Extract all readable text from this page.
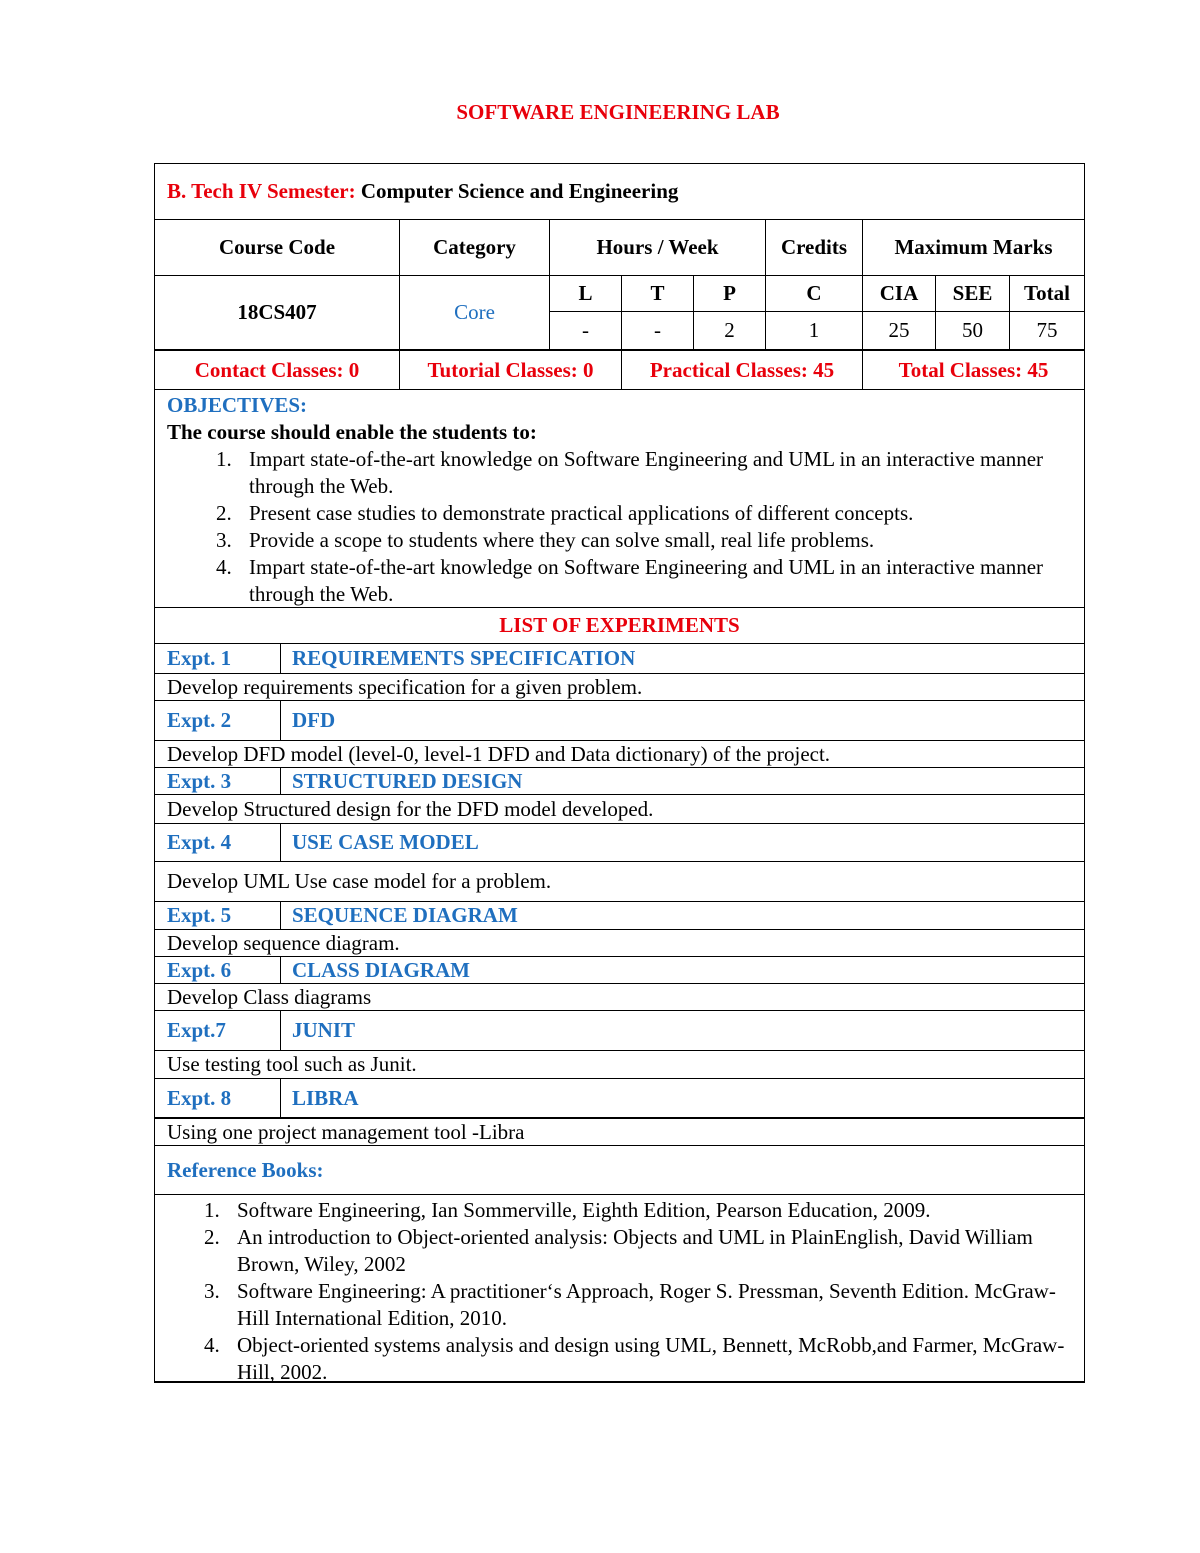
SOFTWARE ENGINEERING LAB
B. Tech IV Semester:
Computer Science and Engineering
Course Code	Category	Hours / Week	Credits	Maximum Marks
18CS407	Core
L	T	P	C	CIA	SEE	Total
-	-	2	1	25	50	75
Contact Classes: 0	Tutorial Classes: 0	Practical Classes: 45	Total Classes: 45
OBJECTIVES:
The course should enable the students to:
1. Impart state-of-the-art knowledge on Software Engineering and UML in an interactive manner through the Web.
2. Present case studies to demonstrate practical applications of different concepts.
3. Provide a scope to students where they can solve small, real life problems.
4. Impart state-of-the-art knowledge on Software Engineering and UML in an interactive manner through the Web.
LIST OF EXPERIMENTS
Expt. 1	REQUIREMENTS SPECIFICATION
Develop requirements specification for a given problem.
Expt. 2	DFD
Develop DFD model (level-0, level-1 DFD and Data dictionary) of the project.
Expt. 3	STRUCTURED DESIGN
Develop Structured design for the DFD model developed.
Expt. 4	USE CASE MODEL
Develop UML Use case model for a problem.
Expt. 5	SEQUENCE DIAGRAM
Develop sequence diagram.
Expt. 6	CLASS DIAGRAM
Develop Class diagrams
Expt.7	JUNIT
Use testing tool such as Junit.
Expt. 8	LIBRA
Using one project management tool -Libra
Reference Books:
1. Software Engineering, Ian Sommerville, Eighth Edition, Pearson Education, 2009.
2. An introduction to Object-oriented analysis: Objects and UML in PlainEnglish, David William Brown, Wiley, 2002
3. Software Engineering: A practitioner‘s Approach, Roger S. Pressman, Seventh Edition. McGraw-Hill International Edition, 2010.
4. Object-oriented systems analysis and design using UML, Bennett, McRobb,and Farmer, McGraw-Hill, 2002.
